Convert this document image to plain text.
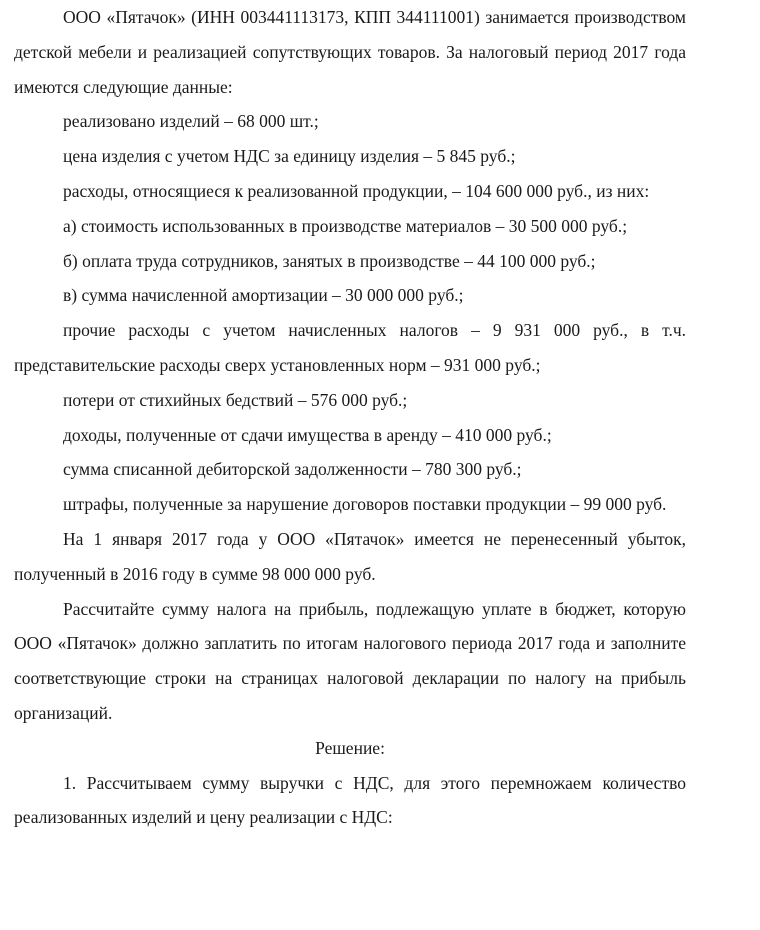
ООО «Пятачок» (ИНН 003441113173, КПП 344111001) занимается производством детской мебели и реализацией сопутствующих товаров. За налоговый период 2017 года имеются следующие данные:

реализовано изделий – 68 000 шт.;

цена изделия с учетом НДС за единицу изделия – 5 845 руб.;

расходы, относящиеся к реализованной продукции, – 104 600 000 руб., из них:

а) стоимость использованных в производстве материалов – 30 500 000 руб.;

б) оплата труда сотрудников, занятых в производстве – 44 100 000 руб.;

в) сумма начисленной амортизации – 30 000 000 руб.;

прочие расходы с учетом начисленных налогов – 9 931 000 руб., в т.ч. представительские расходы сверх установленных норм – 931 000 руб.;

потери от стихийных бедствий – 576 000 руб.;

доходы, полученные от сдачи имущества в аренду – 410 000 руб.;

сумма списанной дебиторской задолженности – 780 300 руб.;

штрафы, полученные за нарушение договоров поставки продукции – 99 000 руб.

На 1 января 2017 года у ООО «Пятачок» имеется не перенесенный убыток, полученный в 2016 году в сумме 98 000 000 руб.

Рассчитайте сумму налога на прибыль, подлежащую уплате в бюджет, которую ООО «Пятачок» должно заплатить по итогам налогового периода 2017 года и заполните соответствующие строки на страницах налоговой декларации по налогу на прибыль организаций.

Решение:

1. Рассчитываем сумму выручки с НДС, для этого перемножаем количество реализованных изделий и цену реализации с НДС:
